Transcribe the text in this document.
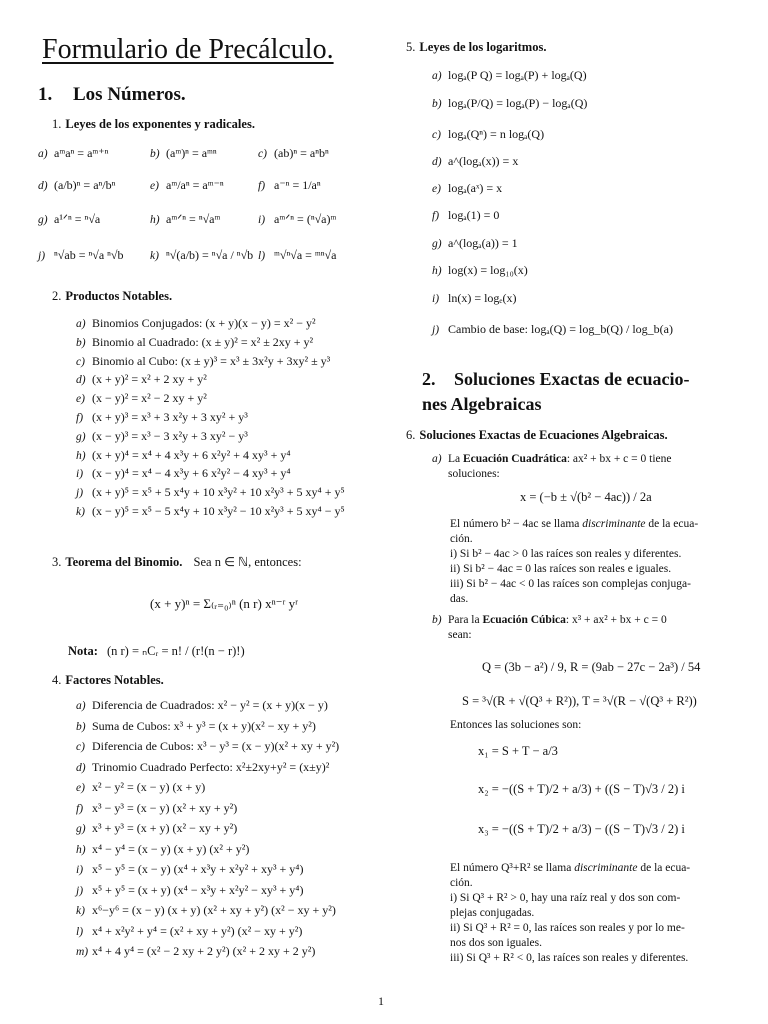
Formulario de Precálculo.
1. Los Números.
1. Leyes de los exponentes y radicales.
a) aᵐaⁿ = aᵐ⁺ⁿ	b) (aᵐ)ⁿ = aᵐⁿ	c) (ab)ⁿ = aⁿbⁿ
d) (a/b)ⁿ = aⁿ/bⁿ	e) aᵐ/aⁿ = aᵐ⁻ⁿ	f) a⁻ⁿ = 1/aⁿ
g) a¹ᐟⁿ = ⁿ√a	h) aᵐᐟⁿ = ⁿ√aᵐ	i) aᵐᐟⁿ = (ⁿ√a)ᵐ
j) ⁿ√ab = ⁿ√a ⁿ√b k) ⁿ√(a/b) = ⁿ√a / ⁿ√b l) ᵐ√ⁿ√a = ᵐⁿ√a
2. Productos Notables.
a) Binomios Conjugados: (x + y)(x − y) = x² − y²
b) Binomio al Cuadrado: (x ± y)² = x² ± 2xy + y²
c) Binomio al Cubo: (x ± y)³ = x³ ± 3x²y + 3xy² ± y³
d) (x + y)² = x² + 2 xy + y²
e) (x − y)² = x² − 2 xy + y²
f) (x + y)³ = x³ + 3 x²y + 3 xy² + y³
g) (x − y)³ = x³ − 3 x²y + 3 xy² − y³
h) (x + y)⁴ = x⁴ + 4 x³y + 6 x²y² + 4 xy³ + y⁴
i) (x − y)⁴ = x⁴ − 4 x³y + 6 x²y² − 4 xy³ + y⁴
j) (x + y)⁵ = x⁵ + 5 x⁴y + 10 x³y² + 10 x²y³ + 5 xy⁴ + y⁵
k) (x − y)⁵ = x⁵ − 5 x⁴y + 10 x³y² − 10 x²y³ + 5 xy⁴ − y⁵
3. Teorema del Binomio. Sea n ∈ ℕ, entonces:
(x + y)ⁿ = Σ₍ᵣ₌₀₎ⁿ (n r) xⁿ⁻ʳ yʳ
Nota: (n r) = ₙCᵣ = n! / (r!(n − r)!)
4. Factores Notables.
a) Diferencia de Cuadrados: x² − y² = (x + y)(x − y)
b) Suma de Cubos: x³ + y³ = (x + y)(x² − xy + y²)
c) Diferencia de Cubos: x³ − y³ = (x − y)(x² + xy + y²)
d) Trinomio Cuadrado Perfecto: x²±2xy+y² = (x±y)²
e) x² − y² = (x − y) (x + y)
f) x³ − y³ = (x − y) (x² + xy + y²)
g) x³ + y³ = (x + y) (x² − xy + y²)
h) x⁴ − y⁴ = (x − y) (x + y) (x² + y²)
i) x⁵ − y⁵ = (x − y) (x⁴ + x³y + x²y² + xy³ + y⁴)
j) x⁵ + y⁵ = (x + y) (x⁴ − x³y + x²y² − xy³ + y⁴)
k) x⁶−y⁶ = (x − y) (x + y) (x² + xy + y²) (x² − xy + y²)
l) x⁴ + x²y² + y⁴ = (x² + xy + y²) (x² − xy + y²)
m) x⁴ + 4 y⁴ = (x² − 2 xy + 2 y²) (x² + 2 xy + 2 y²)
5. Leyes de los logaritmos.
a) logₐ(P Q) = logₐ(P) + logₐ(Q)
b) logₐ(P/Q) = logₐ(P) − logₐ(Q)
c) logₐ(Qⁿ) = n logₐ(Q)
d) a^(logₐ(x)) = x
e) logₐ(aˣ) = x
f) logₐ(1) = 0
g) a^(logₐ(a)) = 1
h) log(x) = log₁₀(x)
i) ln(x) = logₑ(x)
j) Cambio de base: logₐ(Q) = log_b(Q) / log_b(a)
2. Soluciones Exactas de ecuacio-
nes Algebraicas
6. Soluciones Exactas de Ecuaciones Algebraicas.
a) La Ecuación Cuadrática: ax² + bx + c = 0 tiene
soluciones:
x = (−b ± √(b² − 4ac)) / 2a
El número b² − 4ac se llama discriminante de la ecua-
ción.
i) Si b² − 4ac > 0 las raíces son reales y diferentes.
ii) Si b² − 4ac = 0 las raíces son reales e iguales.
iii) Si b² − 4ac < 0 las raíces son complejas conjuga-
das.
b) Para la Ecuación Cúbica: x³ + ax² + bx + c = 0
sean:
Q = (3b − a²) / 9, R = (9ab − 27c − 2a³) / 54
S = ³√(R + √(Q³ + R²)), T = ³√(R − √(Q³ + R²))
Entonces las soluciones son:
x₁ = S + T − a/3
x₂ = −((S + T)/2 + a/3) + ((S − T)√3 / 2) i
x₃ = −((S + T)/2 + a/3) − ((S − T)√3 / 2) i
El número Q³+R² se llama discriminante de la ecua-
ción.
i) Si Q³ + R² > 0, hay una raíz real y dos son com-
plejas conjugadas.
ii) Si Q³ + R² = 0, las raíces son reales y por lo me-
nos dos son iguales.
iii) Si Q³ + R² < 0, las raíces son reales y diferentes.
1
